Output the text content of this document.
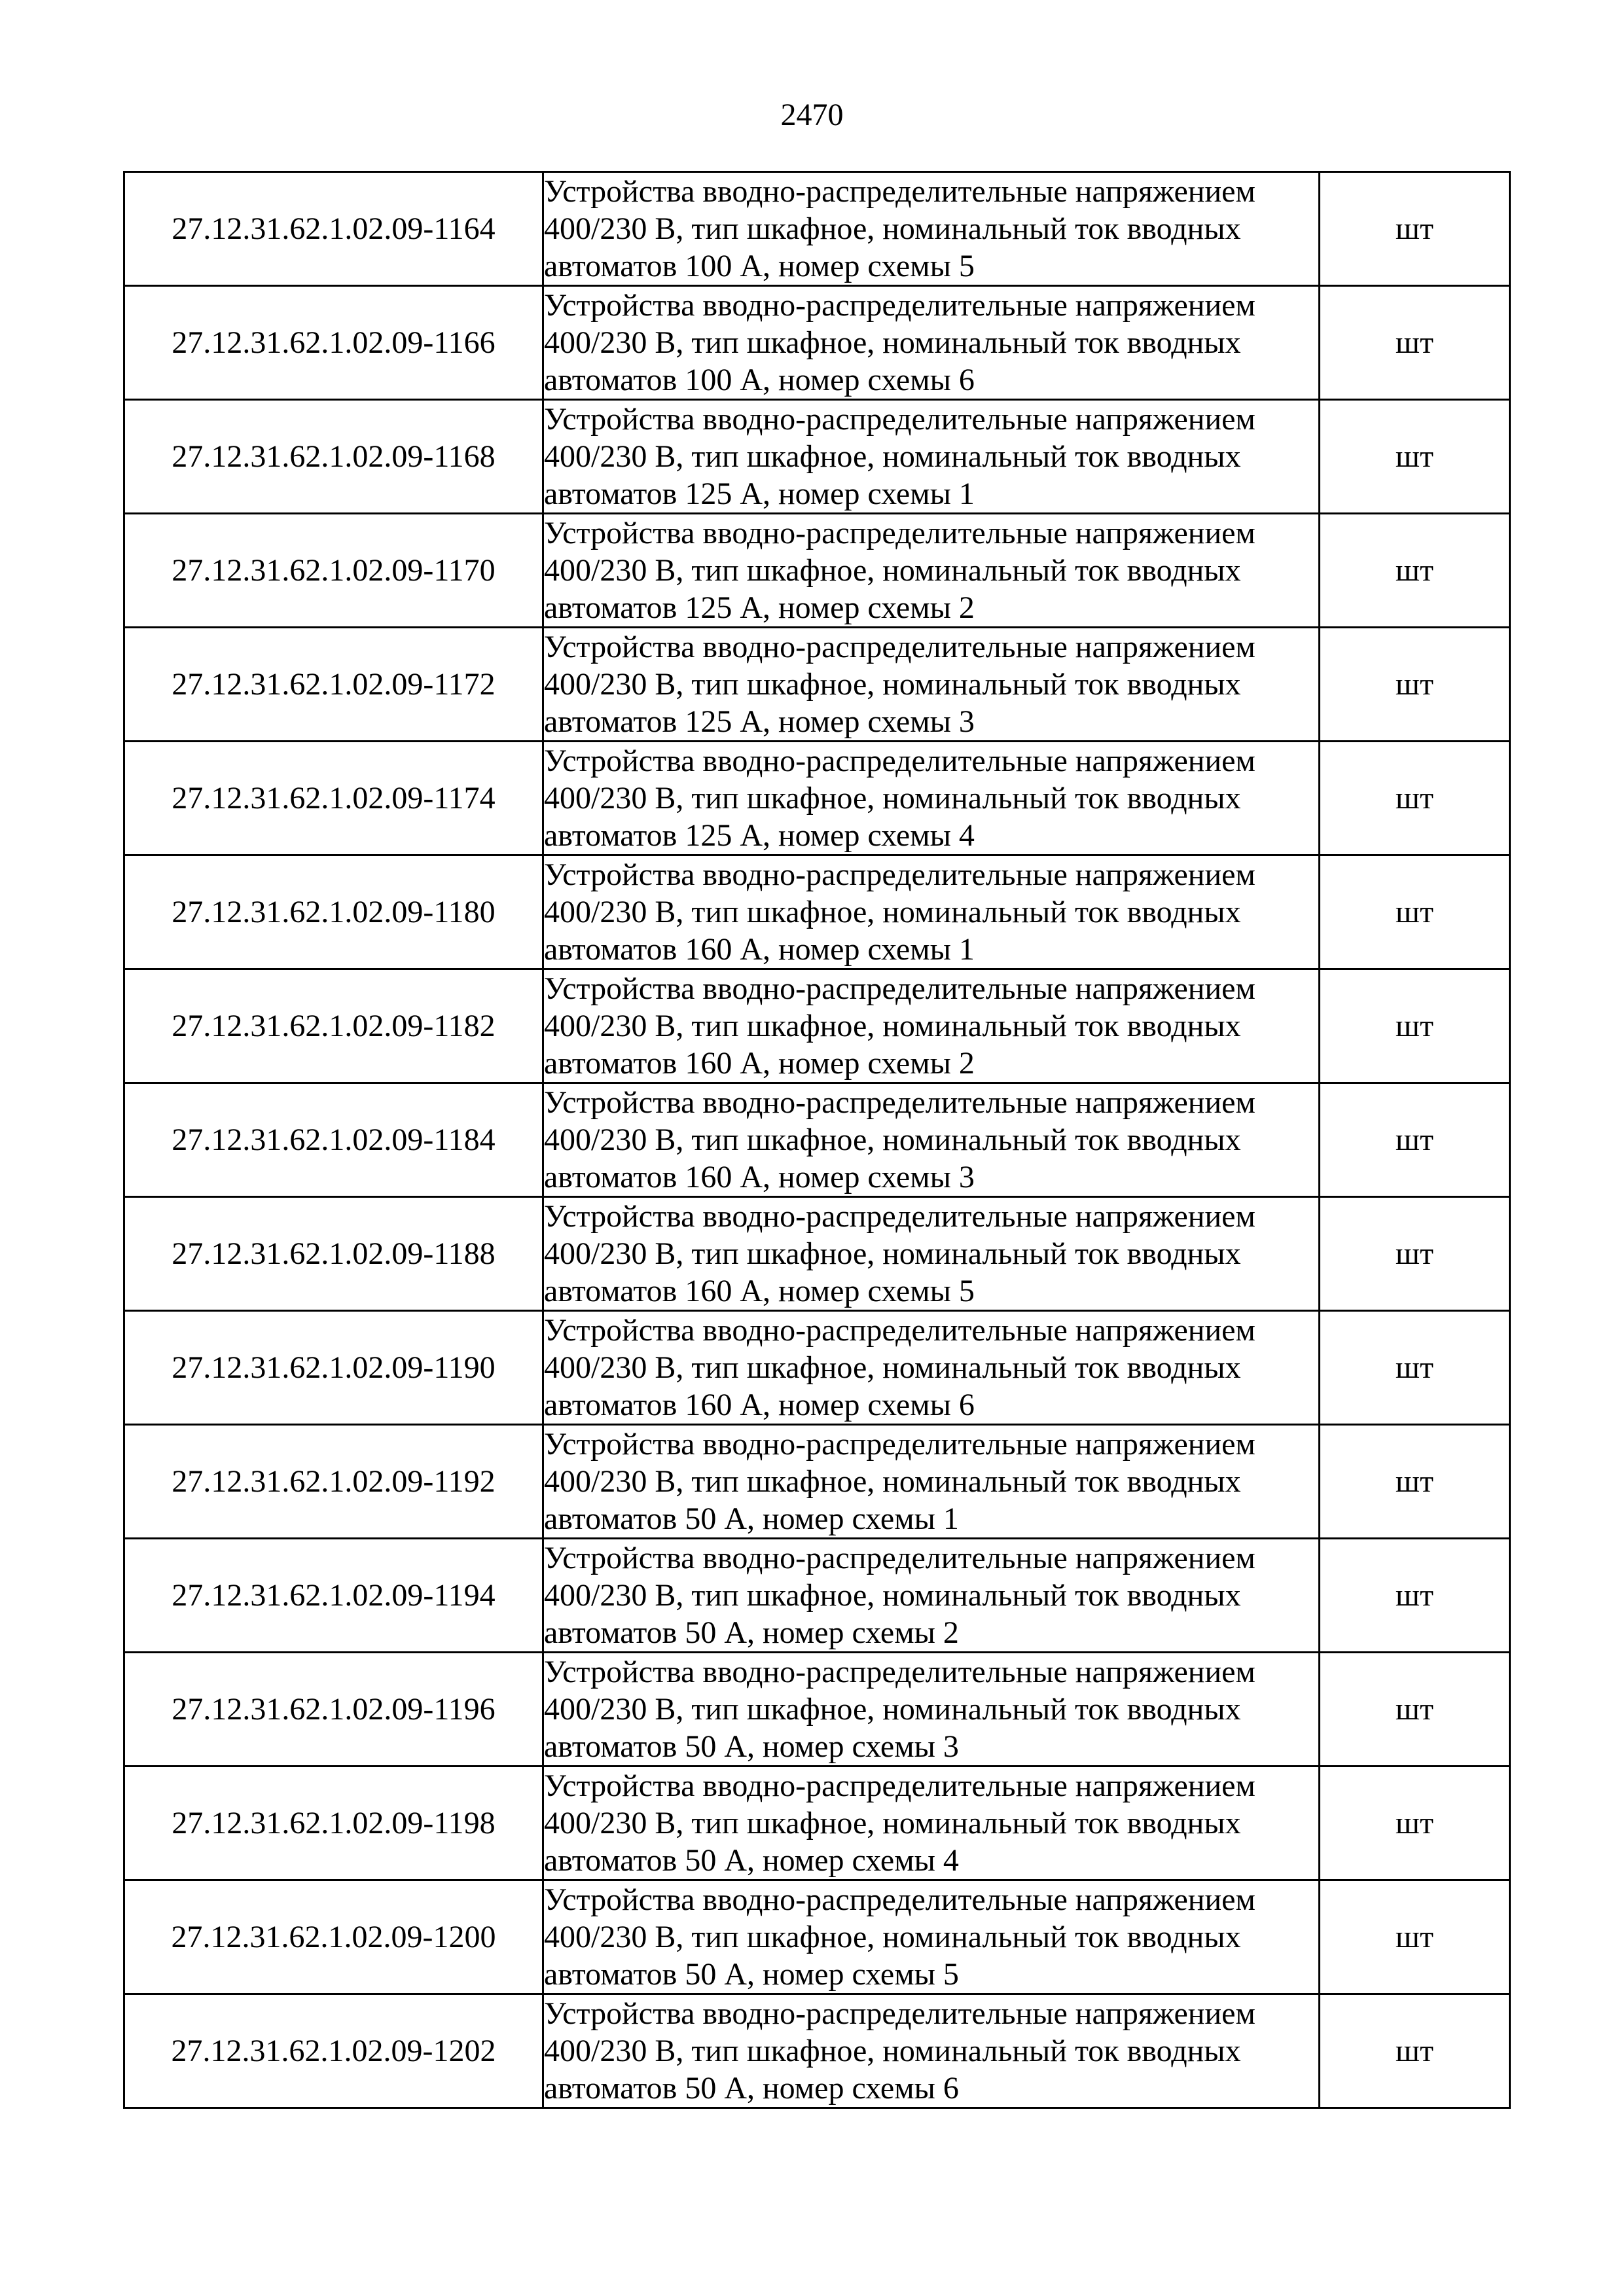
2470
27.12.31.62.1.02.09-1164	Устройства вводно-распределительные напряжением
400/230 В, тип шкафное, номинальный ток вводных
автоматов 100 А, номер схемы 5	шт
27.12.31.62.1.02.09-1166	Устройства вводно-распределительные напряжением
400/230 В, тип шкафное, номинальный ток вводных
автоматов 100 А, номер схемы 6	шт
27.12.31.62.1.02.09-1168	Устройства вводно-распределительные напряжением
400/230 В, тип шкафное, номинальный ток вводных
автоматов 125 А, номер схемы 1	шт
27.12.31.62.1.02.09-1170	Устройства вводно-распределительные напряжением
400/230 В, тип шкафное, номинальный ток вводных
автоматов 125 А, номер схемы 2	шт
27.12.31.62.1.02.09-1172	Устройства вводно-распределительные напряжением
400/230 В, тип шкафное, номинальный ток вводных
автоматов 125 А, номер схемы 3	шт
27.12.31.62.1.02.09-1174	Устройства вводно-распределительные напряжением
400/230 В, тип шкафное, номинальный ток вводных
автоматов 125 А, номер схемы 4	шт
27.12.31.62.1.02.09-1180	Устройства вводно-распределительные напряжением
400/230 В, тип шкафное, номинальный ток вводных
автоматов 160 А, номер схемы 1	шт
27.12.31.62.1.02.09-1182	Устройства вводно-распределительные напряжением
400/230 В, тип шкафное, номинальный ток вводных
автоматов 160 А, номер схемы 2	шт
27.12.31.62.1.02.09-1184	Устройства вводно-распределительные напряжением
400/230 В, тип шкафное, номинальный ток вводных
автоматов 160 А, номер схемы 3	шт
27.12.31.62.1.02.09-1188	Устройства вводно-распределительные напряжением
400/230 В, тип шкафное, номинальный ток вводных
автоматов 160 А, номер схемы 5	шт
27.12.31.62.1.02.09-1190	Устройства вводно-распределительные напряжением
400/230 В, тип шкафное, номинальный ток вводных
автоматов 160 А, номер схемы 6	шт
27.12.31.62.1.02.09-1192	Устройства вводно-распределительные напряжением
400/230 В, тип шкафное, номинальный ток вводных
автоматов 50 А, номер схемы 1	шт
27.12.31.62.1.02.09-1194	Устройства вводно-распределительные напряжением
400/230 В, тип шкафное, номинальный ток вводных
автоматов 50 А, номер схемы 2	шт
27.12.31.62.1.02.09-1196	Устройства вводно-распределительные напряжением
400/230 В, тип шкафное, номинальный ток вводных
автоматов 50 А, номер схемы 3	шт
27.12.31.62.1.02.09-1198	Устройства вводно-распределительные напряжением
400/230 В, тип шкафное, номинальный ток вводных
автоматов 50 А, номер схемы 4	шт
27.12.31.62.1.02.09-1200	Устройства вводно-распределительные напряжением
400/230 В, тип шкафное, номинальный ток вводных
автоматов 50 А, номер схемы 5	шт
27.12.31.62.1.02.09-1202	Устройства вводно-распределительные напряжением
400/230 В, тип шкафное, номинальный ток вводных
автоматов 50 А, номер схемы 6	шт
